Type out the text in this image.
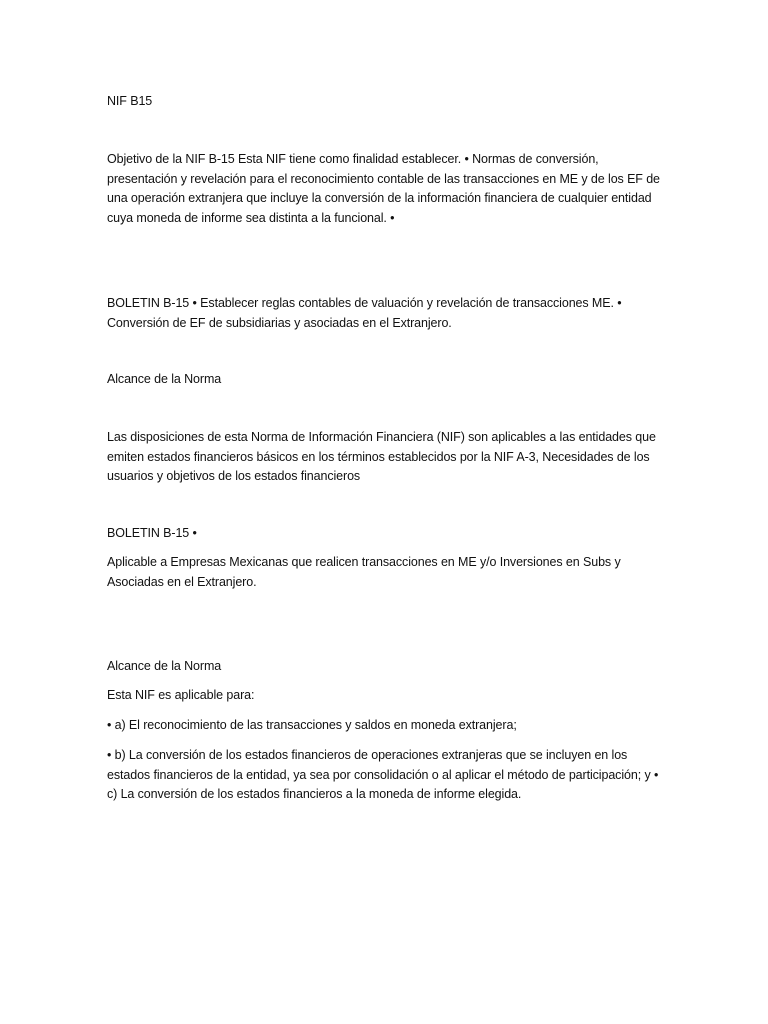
NIF B15

Objetivo de la NIF B-15 Esta NIF tiene como finalidad establecer. • Normas de conversión, presentación y revelación para el reconocimiento contable de las transacciones en ME y de los EF de una operación extranjera que incluye la conversión de la información financiera de cualquier entidad cuya moneda de informe sea distinta a la funcional. •

BOLETIN B-15 • Establecer reglas contables de valuación y revelación de transacciones ME. • Conversión de EF de subsidiarias y asociadas en el Extranjero.

Alcance de la Norma

Las disposiciones de esta Norma de Información Financiera (NIF) son aplicables a las entidades que emiten estados financieros básicos en los términos establecidos por la NIF A-3, Necesidades de los usuarios y objetivos de los estados financieros

BOLETIN B-15 •

Aplicable a Empresas Mexicanas que realicen transacciones en ME y/o Inversiones en Subs y Asociadas en el Extranjero.

Alcance de la Norma

Esta NIF es aplicable para:

• a) El reconocimiento de las transacciones y saldos en moneda extranjera;

• b) La conversión de los estados financieros de operaciones extranjeras que se incluyen en los estados financieros de la entidad, ya sea por consolidación o al aplicar el método de participación; y • c) La conversión de los estados financieros a la moneda de informe elegida.
